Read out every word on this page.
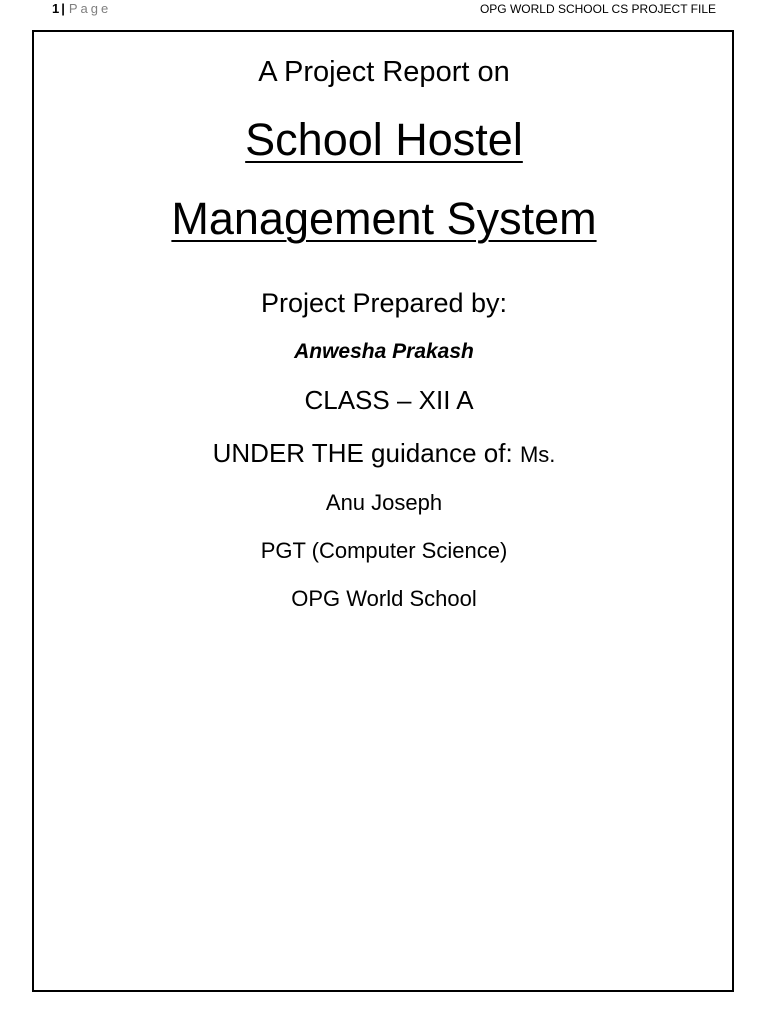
1 | Page	OPG WORLD SCHOOL CS PROJECT FILE
A Project Report on
School Hostel
Management System
Project Prepared by:
Anwesha Prakash
CLASS – XII A
UNDER THE guidance of: Ms.
Anu Joseph
PGT (Computer Science)
OPG World School
